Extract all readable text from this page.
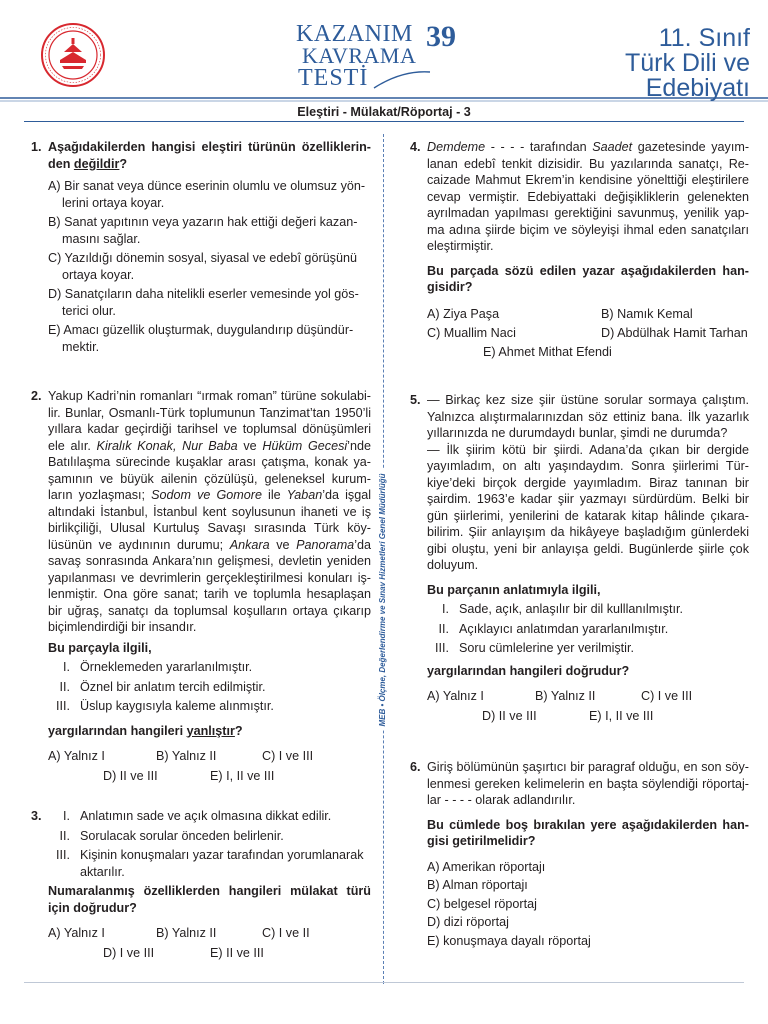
KAZANIM
KAVRAMA
TESTİ
39	11. Sınıf
Türk Dili ve
Edebiyatı
Eleştiri - Mülakat/Röportaj - 3
MEB • Ölçme, Değerlendirme ve Sınav Hizmetleri Genel Müdürlüğü
1. Aşağıdakilerden hangisi eleştiri türünün özelliklerin-den değildir?
A) Bir sanat veya dünce eserinin olumlu ve olumsuz yön-lerini ortaya koyar.
B) Sanat yapıtının veya yazarın hak ettiği değeri kazan-masını sağlar.
C) Yazıldığı dönemin sosyal, siyasal ve edebî görüşünü ortaya koyar.
D) Sanatçıların daha nitelikli eserler vemesinde yol gös-terici olur.
E) Amacı güzellik oluşturmak, duygulandırıp düşündür-mektir.
2. Yakup Kadri’nin romanları “ırmak roman” türüne sokulabi-lir. Bunlar, Osmanlı-Türk toplumunun Tanzimat’tan 1950’li yıllara kadar geçirdiği tarihsel ve toplumsal dönüşümleri ele alır. Kiralık Konak, Nur Baba ve Hüküm Gecesi’nde Batılılaşma sürecinde kuşaklar arası çatışma, konak ya-şamının ve büyük ailenin çözülüşü, geleneksel kurum-ların yozlaşması; Sodom ve Gomore ile Yaban’da işgal altındaki İstanbul, İstanbul kent soylusunun ihaneti ve iş birlikçiliği, Ulusal Kurtuluş Savaşı sırasında Türk köy-lüsünün ve aydınının durumu; Ankara ve Panorama’da savaş sonrasında Ankara’nın gelişmesi, devletin yeniden yapılanması ve devrimlerin gerçekleştirilmesi konuları iş-lenmiştir. Ona göre sanat; tarih ve toplumla hesaplaşan bir uğraş, sanatçı da toplumsal koşulların ortaya çıkarıp biçimlendirdiği bir insandır.
Bu parçayla ilgili,
I. Örneklemeden yararlanılmıştır.
II. Öznel bir anlatım tercih edilmiştir.
III. Üslup kaygısıyla kaleme alınmıştır.
yargılarından hangileri yanlıştır?
A) Yalnız I	B) Yalnız II	C) I ve III
D) II ve III	E) I, II ve III
3.	I. Anlatımın sade ve açık olmasına dikkat edilir.
II. Sorulacak sorular önceden belirlenir.
III. Kişinin konuşmaları yazar tarafından yorumlanarak aktarılır.
Numaralanmış özelliklerden hangileri mülakat türü için doğrudur?
A) Yalnız I	B) Yalnız II	C) I ve II
D) I ve III	E) II ve III
4. Demdeme - - - - tarafından Saadet gazetesinde yayım-lanan edebî tenkit dizisidir. Bu yazılarında sanatçı, Re-caizade Mahmut Ekrem’in kendisine yönelttiği eleştirilere cevap vermiştir. Edebiyattaki değişikliklerin gelenekten ayrılmadan yapılması gerektiğini savunmuş, yenilik yap-ma adına şiirde biçim ve söyleyişi ihmal eden sanatçıları eleştirmiştir.
Bu parçada sözü edilen yazar aşağıdakilerden han-gisidir?
A) Ziya Paşa	B) Namık Kemal
C) Muallim Naci	D) Abdülhak Hamit Tarhan
E) Ahmet Mithat Efendi
5. — Birkaç kez size şiir üstüne sorular sormaya çalıştım. Yalnızca alıştırmalarınızdan söz ettiniz bana. İlk yazarlık yıllarınızda ne durumdaydı bunlar, şimdi ne durumda?
— İlk şiirim kötü bir şiirdi. Adana’da çıkan bir dergide yayımladım, on altı yaşındaydım. Sonra şiirlerimi Tür-kiye’deki birçok dergide yayımladım. Biraz tanınan bir şairdim. 1963’e kadar şiir yazmayı sürdürdüm. Belki bir gün şiirlerimi, yenilerini de katarak kitap hâlinde çıkara-bilirim. Şiir anlayışım da hikâyeye başladığım günlerdeki gibi oluştu, yeni bir anlayışa geldi. Bugünlerde şiirle çok doluyum.
Bu parçanın anlatımıyla ilgili,
I. Sade, açık, anlaşılır bir dil kulllanılmıştır.
II. Açıklayıcı anlatımdan yararlanılmıştır.
III. Soru cümlelerine yer verilmiştir.
yargılarından hangileri doğrudur?
A) Yalnız I	B) Yalnız II	C) I ve III
D) II ve III	E) I, II ve III
6. Giriş bölümünün şaşırtıcı bir paragraf olduğu, en son söy-lenmesi gereken kelimelerin en başta söylendiği röportaj-lar - - - - olarak adlandırılır.
Bu cümlede boş bırakılan yere aşağıdakilerden han-gisi getirilmelidir?
A) Amerikan röportajı
B) Alman röportajı
C) belgesel röportaj
D) dizi röportaj
E) konuşmaya dayalı röportaj
